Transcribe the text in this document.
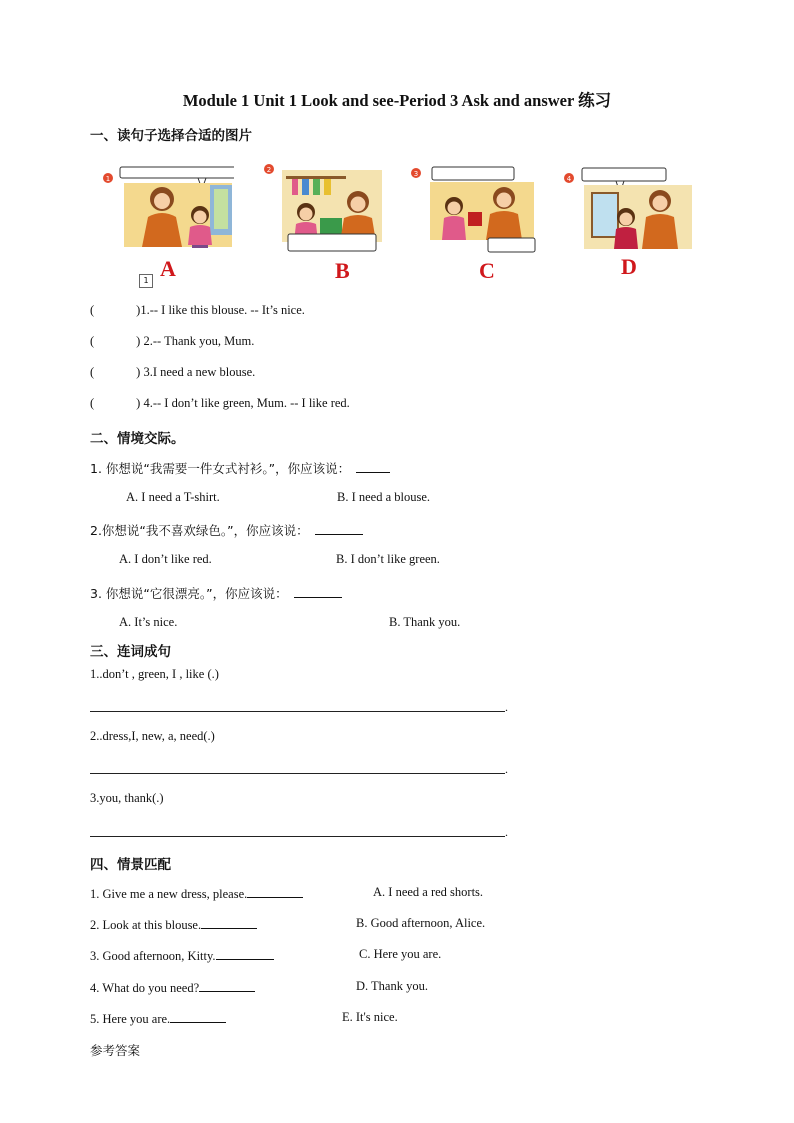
Module 1 Unit 1 Look and see-Period 3 Ask and answer 练习
一、读句子选择合适的图片
1
A
1
2
B
3
C
4
D
(	)1.-- I like this blouse. -- It’s nice.
(	) 2.-- Thank you, Mum.
(	) 3.I need a new blouse.
(	) 4.-- I don’t like green, Mum. -- I like red.
二、情境交际。
1. 你想说“我需要一件女式衬衫。”，你应该说：
A. I need a T-shirt.	B. I need a blouse.
2.你想说“我不喜欢绿色。”，你应该说：
A. I don’t like red.	B. I don’t like green.
3. 你想说“它很漂亮。”，你应该说：
A. It’s nice.	B. Thank you.
三、连词成句
1..don’t , green, I , like (.)
.
2..dress,I, new, a, need(.)
.
3.you, thank(.)
.
四、情景匹配
1. Give me a new dress, please.
2. Look at this blouse.
3. Good afternoon, Kitty.
4. What do you need?
5. Here you are.
A. I need a red shorts.
B. Good afternoon, Alice.
C. Here you are.
D. Thank you.
E. It's nice.
参考答案
